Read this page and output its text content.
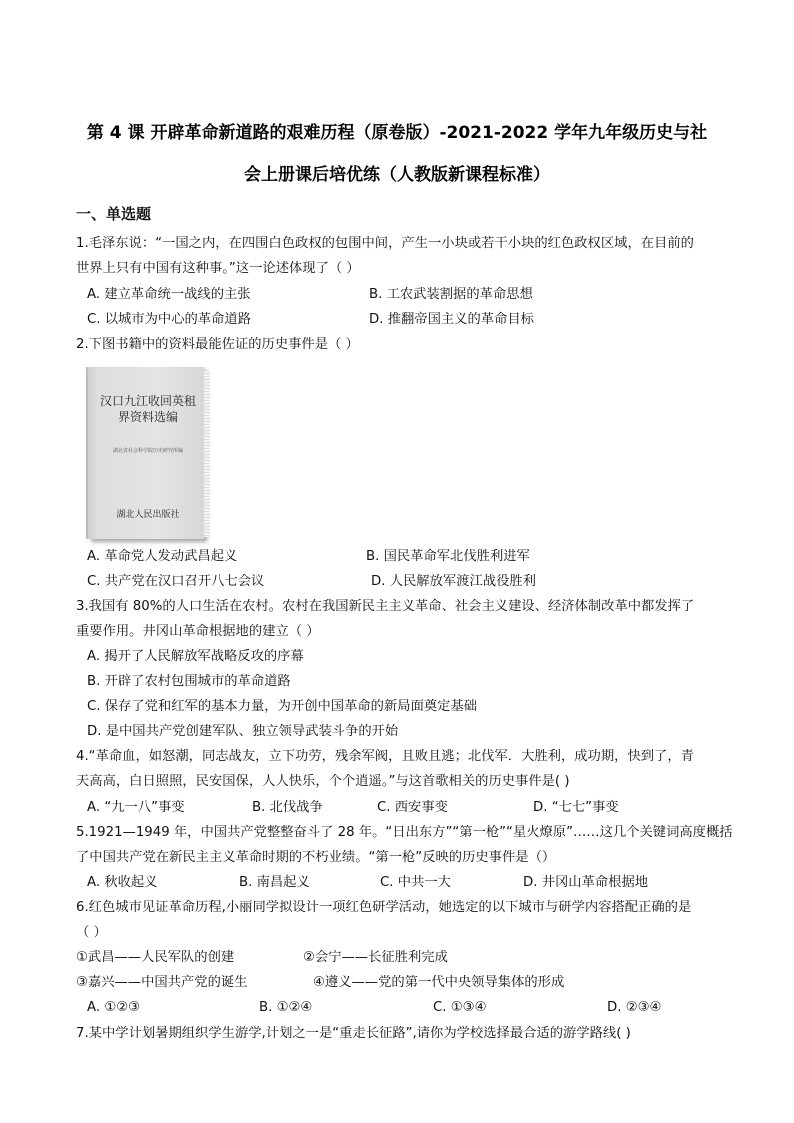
第 4 课 开辟革命新道路的艰难历程（原卷版）-2021-2022 学年九年级历史与社
会上册课后培优练（人教版新课程标准）
一、单选题
1.毛泽东说：“一国之内，在四围白色政权的包围中间，产生一小块或若干小块的红色政权区域，在目前的
世界上只有中国有这种事。”这一论述体现了（ ）
A. 建立革命统一战线的主张	B. 工农武装割据的革命思想
C. 以城市为中心的革命道路	D. 推翻帝国主义的革命目标
2.下图书籍中的资料最能佐证的历史事件是（ ）
汉口九江收回英租界资料选编
湖北省社会科学院历史研究所编
湖北人民出版社
A. 革命党人发动武昌起义	B. 国民革命军北伐胜利进军
C. 共产党在汉口召开八七会议	D. 人民解放军渡江战役胜利
3.我国有 80%的人口生活在农村。农村在我国新民主主义革命、社会主义建设、经济体制改革中都发挥了
重要作用。井冈山革命根据地的建立（ ）
A. 揭开了人民解放军战略反攻的序幕
B. 开辟了农村包围城市的革命道路
C. 保存了党和红军的基本力量，为开创中国革命的新局面奠定基础
D. 是中国共产党创建军队、独立领导武装斗争的开始
4.“革命血，如怒潮，同志战友，立下功劳，残余军阀，且败且逃；北伐军．大胜利，成功期，快到了，青
天高高，白日照照，民安国保，人人快乐，个个逍遥。”与这首歌相关的历史事件是( )
A. “九一八”事变	B. 北伐战争	C. 西安事变	D. “七七”事变
5.1921—1949 年，中国共产党整整奋斗了 28 年。“日出东方”“第一枪”“星火燎原”……这几个关键词高度概括
了中国共产党在新民主主义革命时期的不朽业绩。“第一枪”反映的历史事件是（）
A. 秋收起义	B. 南昌起义	C. 中共一大	D. 井冈山革命根据地
6.红色城市见证革命历程,小丽同学拟设计一项红色研学活动，她选定的以下城市与研学内容搭配正确的是
（ ）
①武昌——人民军队的创建	②会宁——长征胜利完成
③嘉兴——中国共产党的诞生	④遵义——党的第一代中央领导集体的形成
A. ①②③	B. ①②④	C. ①③④	D. ②③④
7.某中学计划暑期组织学生游学,计划之一是“重走长征路”,请你为学校选择最合适的游学路线( )
